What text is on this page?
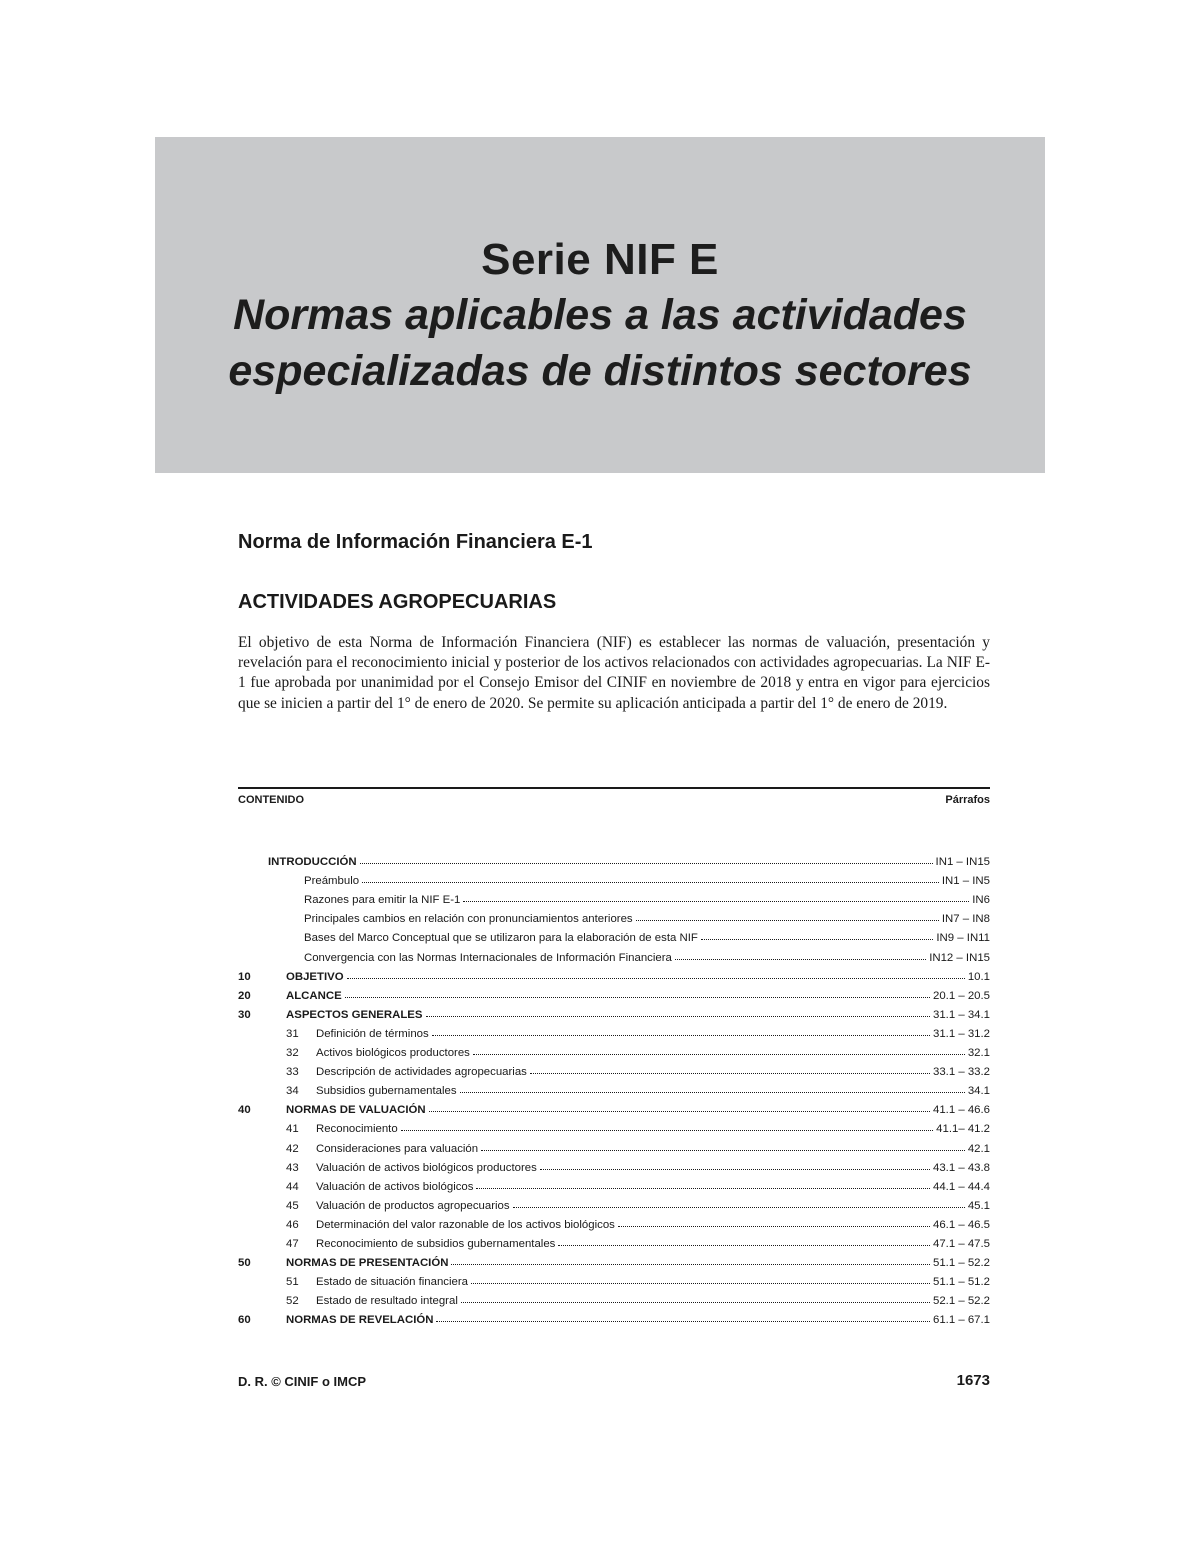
Serie NIF E
Normas aplicables a las actividades
especializadas de distintos sectores
Norma de Información Financiera E-1
ACTIVIDADES AGROPECUARIAS
El objetivo de esta Norma de Información Financiera (NIF) es establecer las normas de valuación, presentación y revelación para el reconocimiento inicial y posterior de los activos relacionados con actividades agropecuarias. La NIF E-1 fue aprobada por unanimidad por el Consejo Emisor del CINIF en noviembre de 2018 y entra en vigor para ejercicios que se inicien a partir del 1° de enero de 2020. Se permite su aplicación anticipada a partir del 1° de enero de 2019.
CONTENIDO	Párrafos
INTRODUCCIÓN	IN1 – IN15
Preámbulo	IN1 – IN5
Razones para emitir la NIF E-1	IN6
Principales cambios en relación con pronunciamientos anteriores	IN7 – IN8
Bases del Marco Conceptual que se utilizaron para la elaboración de esta NIF	IN9 – IN11
Convergencia con las Normas Internacionales de Información Financiera	IN12 – IN15
10	OBJETIVO	10.1
20	ALCANCE	20.1 – 20.5
30	ASPECTOS GENERALES	31.1 – 34.1
31	Definición de términos	31.1 – 31.2
32	Activos biológicos productores	32.1
33	Descripción de actividades agropecuarias	33.1 – 33.2
34	Subsidios gubernamentales	34.1
40	NORMAS DE VALUACIÓN	41.1 – 46.6
41	Reconocimiento	41.1– 41.2
42	Consideraciones para valuación	42.1
43	Valuación de activos biológicos productores	43.1 – 43.8
44	Valuación de activos biológicos	44.1 – 44.4
45	Valuación de productos agropecuarios	45.1
46	Determinación del valor razonable de los activos biológicos	46.1 – 46.5
47	Reconocimiento de subsidios gubernamentales	47.1 – 47.5
50	NORMAS DE PRESENTACIÓN	51.1 – 52.2
51	Estado de situación financiera	51.1 – 51.2
52	Estado de resultado integral	52.1 – 52.2
60	NORMAS DE REVELACIÓN	61.1 – 67.1
D. R. © CINIF o IMCP	1673
